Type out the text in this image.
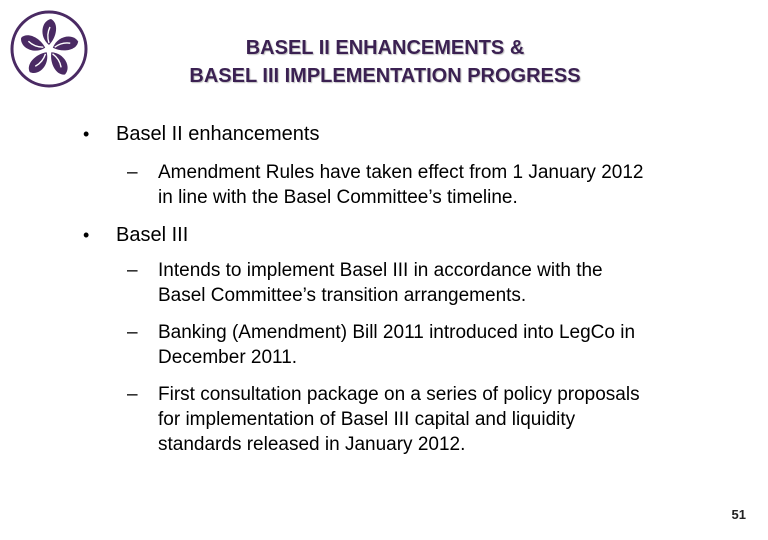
BASEL II ENHANCEMENTS &
BASEL III IMPLEMENTATION PROGRESS
• Basel II enhancements
– Amendment Rules have taken effect from 1 January 2012
in line with the Basel Committee’s timeline.
• Basel III
– Intends to implement Basel III in accordance with the
Basel Committee’s transition arrangements.
– Banking (Amendment) Bill 2011 introduced into LegCo in
December 2011.
– First consultation package on a series of policy proposals
for implementation of Basel III capital and liquidity
standards released in January 2012.
51
